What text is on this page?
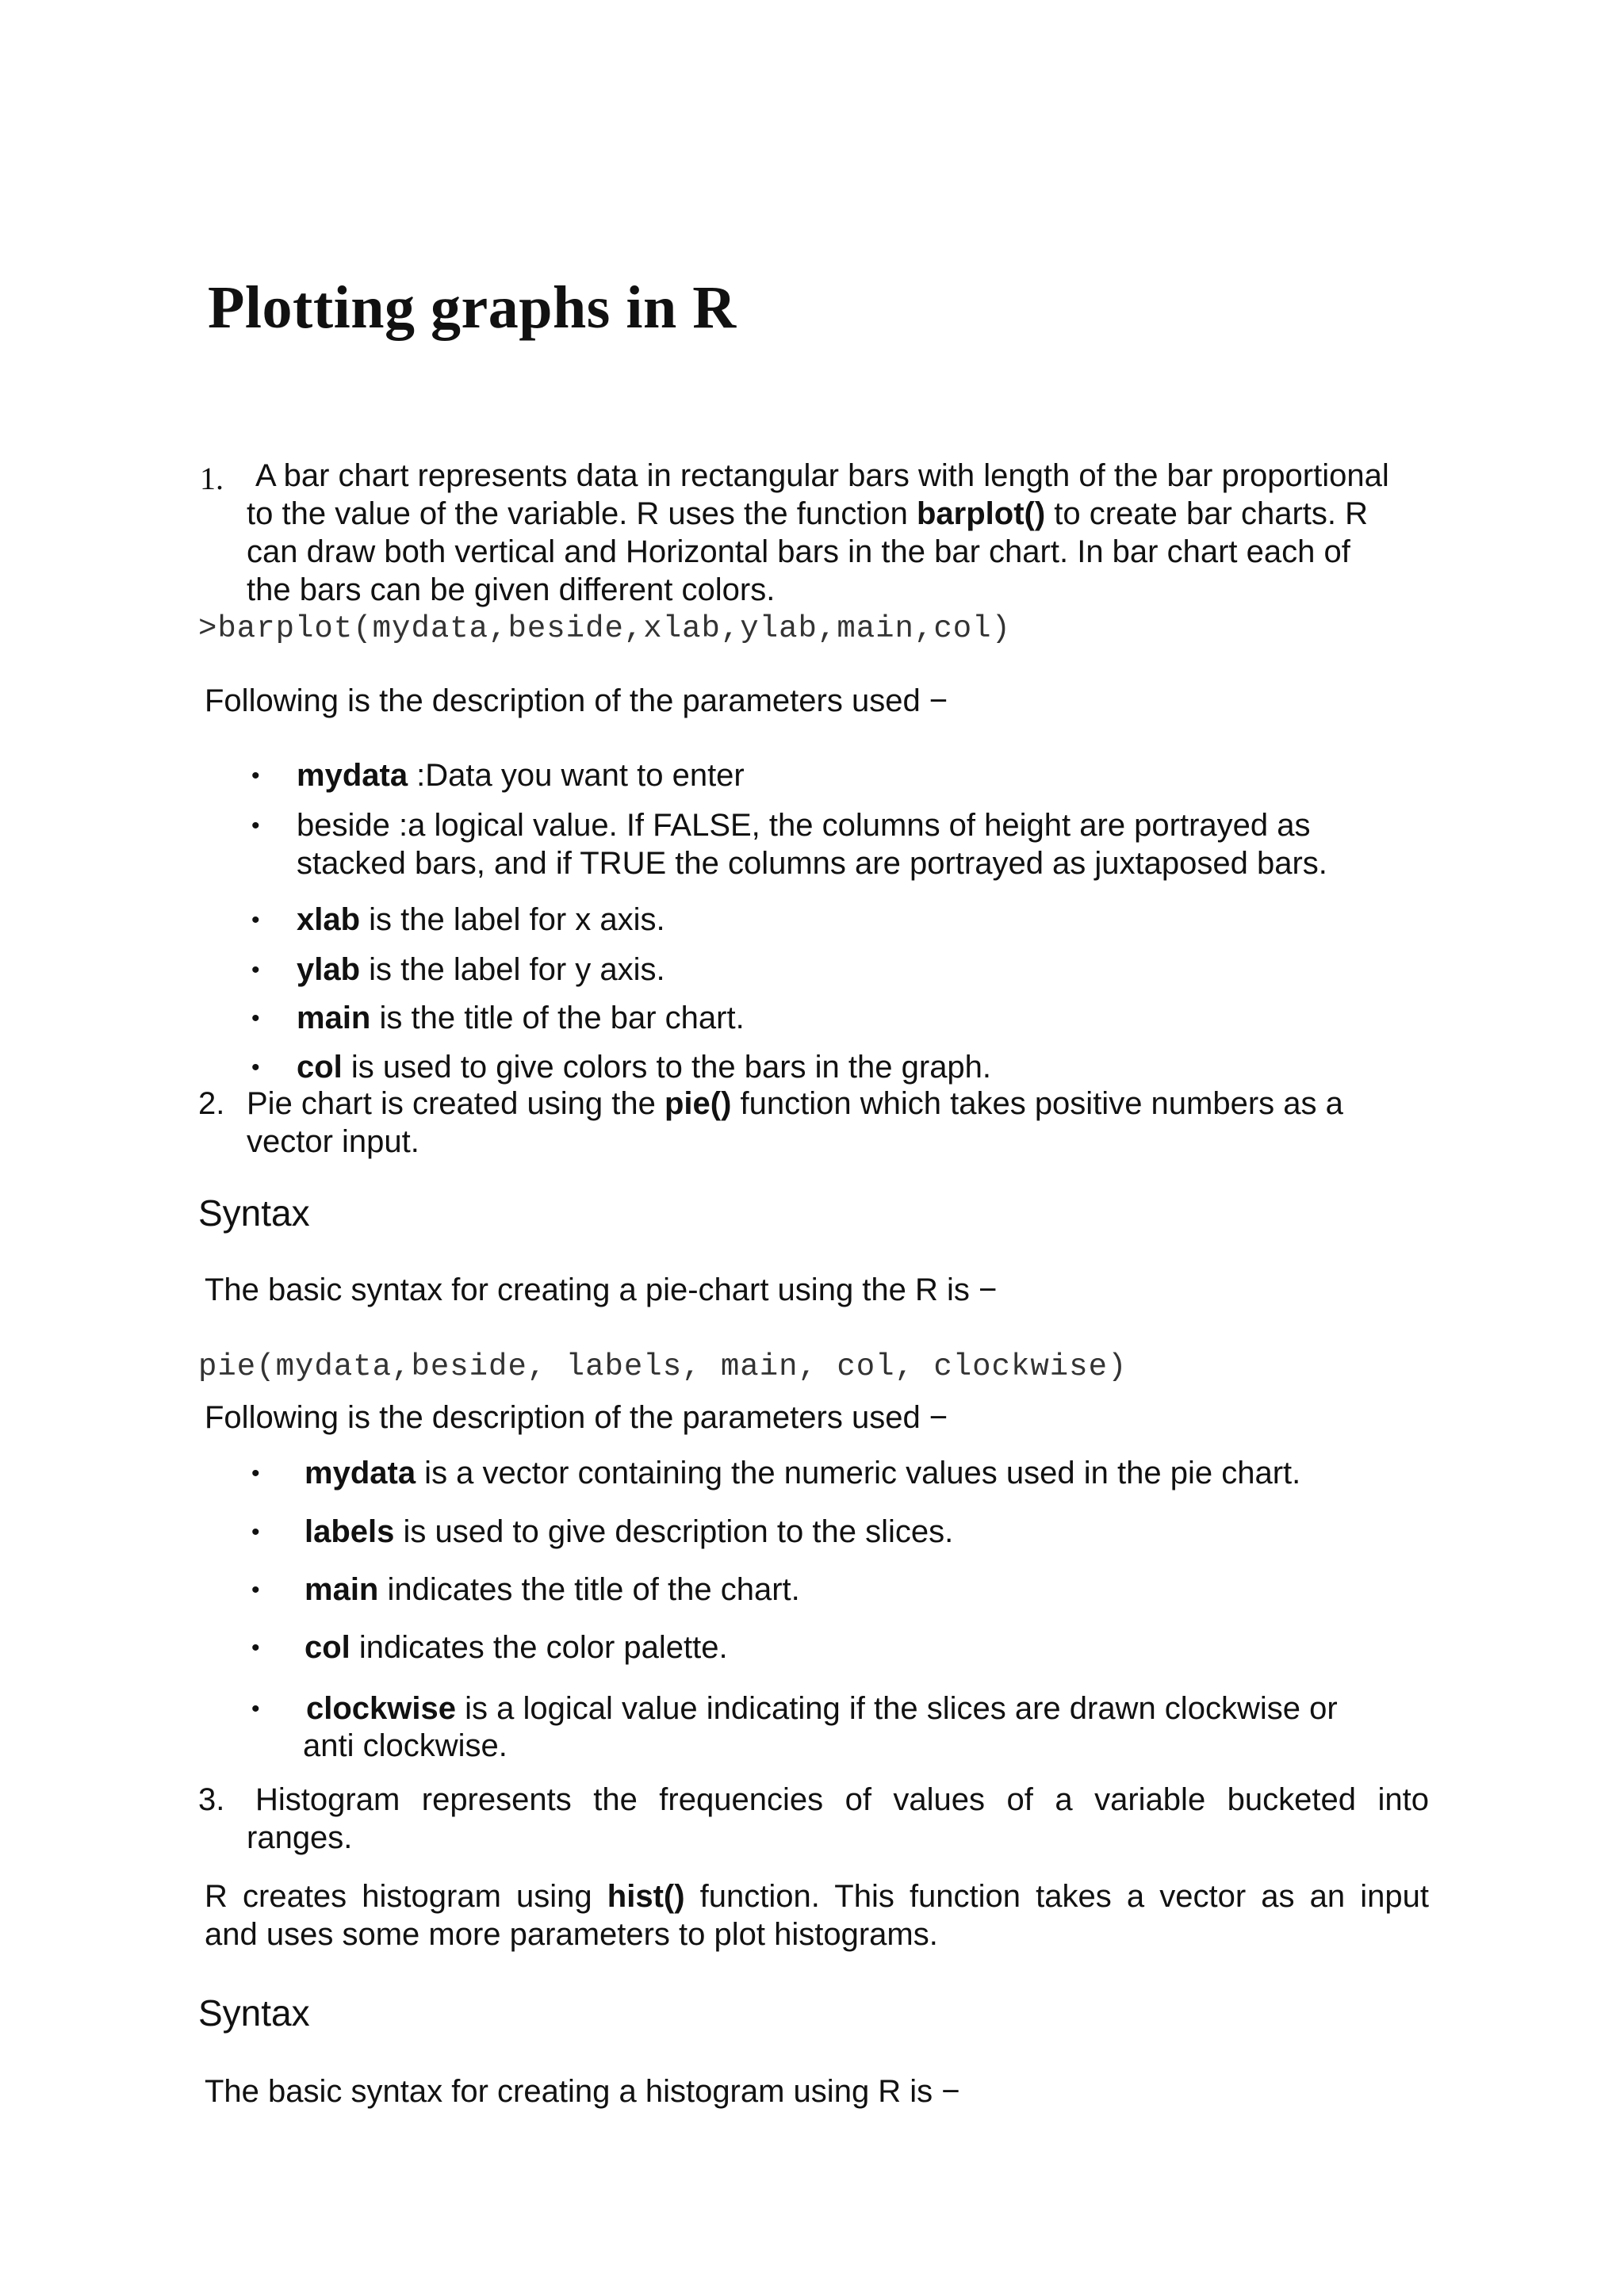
Plotting graphs in R
1. A bar chart represents data in rectangular bars with length of the bar proportional
to the value of the variable. R uses the function barplot() to create bar charts. R
can draw both vertical and Horizontal bars in the bar chart. In bar chart each of
the bars can be given different colors.
>barplot(mydata,beside,xlab,ylab,main,col)
Following is the description of the parameters used −
• mydata :Data you want to enter
• beside :a logical value. If FALSE, the columns of height are portrayed as
stacked bars, and if TRUE the columns are portrayed as juxtaposed bars.
• xlab is the label for x axis.
• ylab is the label for y axis.
• main is the title of the bar chart.
• col is used to give colors to the bars in the graph.
2. Pie chart is created using the pie() function which takes positive numbers as a
vector input.
Syntax
The basic syntax for creating a pie-chart using the R is −
pie(mydata,beside, labels, main, col, clockwise)
Following is the description of the parameters used −
• mydata is a vector containing the numeric values used in the pie chart.
• labels is used to give description to the slices.
• main indicates the title of the chart.
• col indicates the color palette.
• clockwise is a logical value indicating if the slices are drawn clockwise or
anti clockwise.
3. Histogram represents the frequencies of values of a variable bucketed into
ranges.
R creates histogram using hist() function. This function takes a vector as an input
and uses some more parameters to plot histograms.
Syntax
The basic syntax for creating a histogram using R is −
